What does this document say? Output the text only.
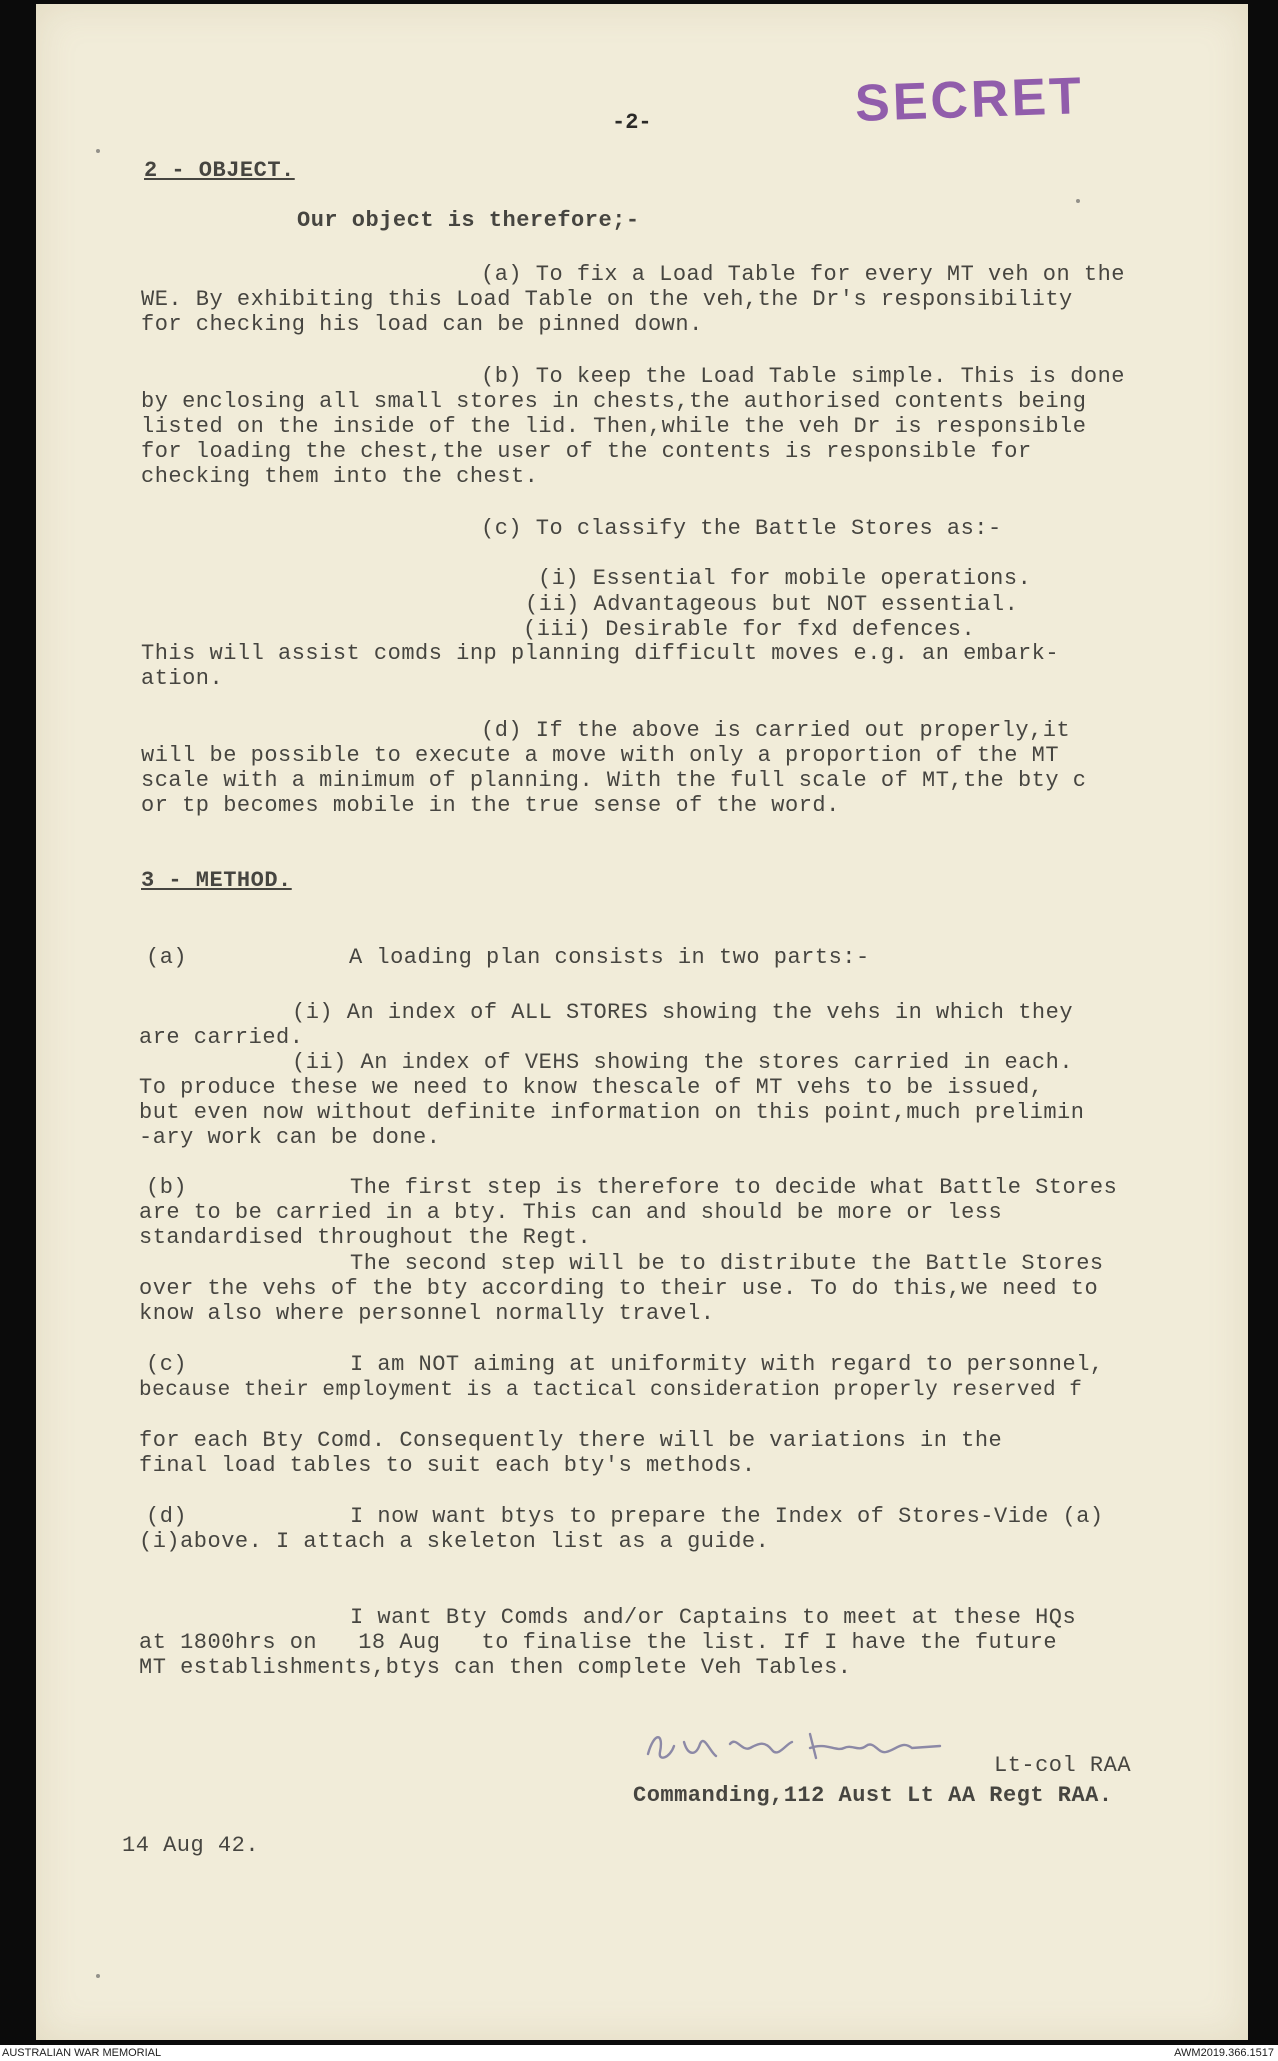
SECRET
-2-
2 - OBJECT.
Our object is therefore;-
(a) To fix a Load Table for every MT veh on the
WE. By exhibiting this Load Table on the veh,the Dr's responsibility
for checking his load can be pinned down.
(b) To keep the Load Table simple. This is done
by enclosing all small stores in chests,the authorised contents being
listed on the inside of the lid. Then,while the veh Dr is responsible
for loading the chest,the user of the contents is responsible for
checking them into the chest.
(c) To classify the Battle Stores as:-
(i) Essential for mobile operations.
(ii) Advantageous but NOT essential.
(iii) Desirable for fxd defences.
This will assist comds inp planning difficult moves e.g. an embark-
ation.
(d) If the above is carried out properly,it
will be possible to execute a move with only a proportion of the MT
scale with a minimum of planning. With the full scale of MT,the bty c
or tp becomes mobile in the true sense of the word.
3 - METHOD.
(a)	A loading plan consists in two parts:-
(i) An index of ALL STORES showing the vehs in which they
are carried.
(ii) An index of VEHS showing the stores carried in each.
To produce these we need to know thescale of MT vehs to be issued,
but even now without definite information on this point,much prelimin
-ary work can be done.
(b)	The first step is therefore to decide what Battle Stores
are to be carried in a bty. This can and should be more or less
standardised throughout the Regt.
The second step will be to distribute the Battle Stores
over the vehs of the bty according to their use. To do this,we need to
know also where personnel normally travel.
(c)	I am NOT aiming at uniformity with regard to personnel,
because their employment is a tactical consideration properly reserved f
for each Bty Comd. Consequently there will be variations in the
final load tables to suit each bty's methods.
(d)	I now want btys to prepare the Index of Stores-Vide (a)
(i)above. I attach a skeleton list as a guide.
I want Bty Comds and/or Captains to meet at these HQs
at 1800hrs on   18 Aug   to finalise the list. If I have the future
MT establishments,btys can then complete Veh Tables.
Lt-col RAA
Commanding,112 Aust Lt AA Regt RAA.
14 Aug 42.
AUSTRALIAN WAR MEMORIAL	AWM2019.366.1517
